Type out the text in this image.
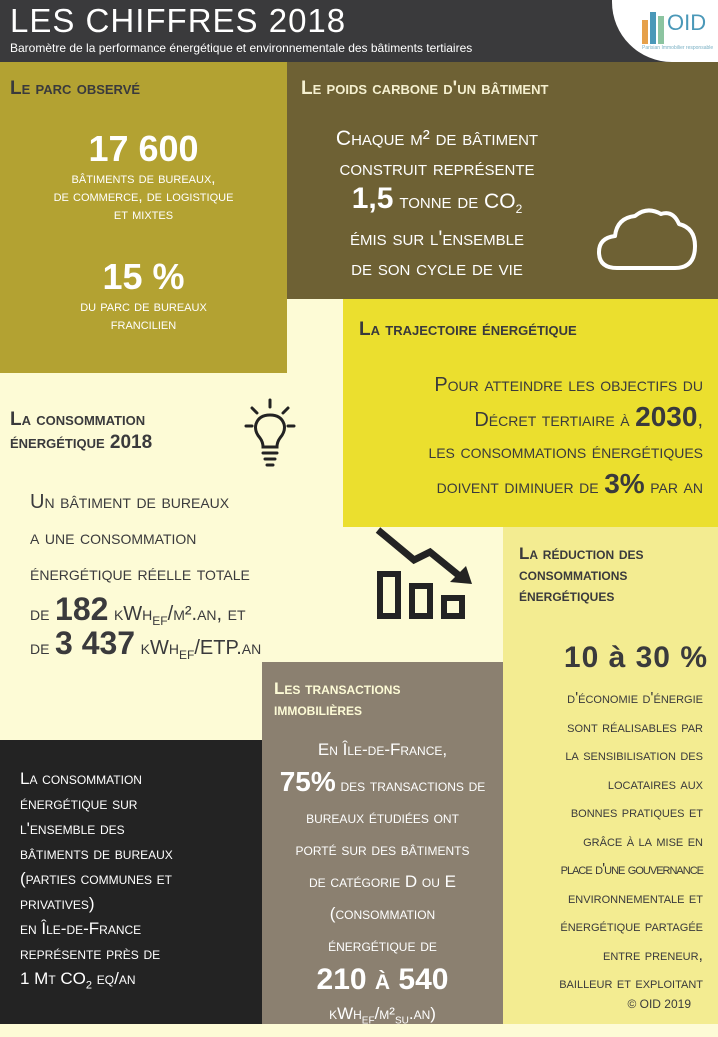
LES CHIFFRES 2018
Baromètre de la performance énergétique et environnementale des bâtiments tertiaires
OID
Parisian Immobilier responsable
La consommation
énergétique 2018
Un bâtiment de bureaux
a une consommation
énergétique réelle totale
de 182 kWh$_{EF}$/m².an, et
de 3 437 kWh$_{EF}$/ETP.an
Le parc observé
17 600
bâtiments de bureaux,
de commerce, de logistique
et mixtes
15 %
du parc de bureaux
francilien
Le poids carbone d'un bâtiment
Chaque m² de bâtiment
construit représente
1,5 tonne de $CO_2$
émis sur l'ensemble
de son cycle de vie
La trajectoire énergétique
Pour atteindre les objectifs du
Décret tertiaire à 2030,
les consommations énergétiques
doivent diminuer de 3% par an
La réduction des
consommations
énergétiques
10 à 30 %
d'économie d'énergie
sont réalisables par
la sensibilisation des
locataires aux
bonnes pratiques et
grâce à la mise en
place d'une gouvernance
environnementale et
énergétique partagée
entre preneur,
bailleur et exploitant
© OID 2019
La consommation
énergétique sur
l'ensemble des
bâtiments de bureaux
(parties communes et
privatives)
en Île-de-France
représente près de
1 Mt $CO_2$ eq/an
Les transactions
immobilières
En Île-de-France,
75% des transactions de
bureaux étudiées ont
porté sur des bâtiments
de catégorie D ou E
(consommation
énergétique de
210 à 540
$kWh_{EF}/m^2_{SU}.an$)
